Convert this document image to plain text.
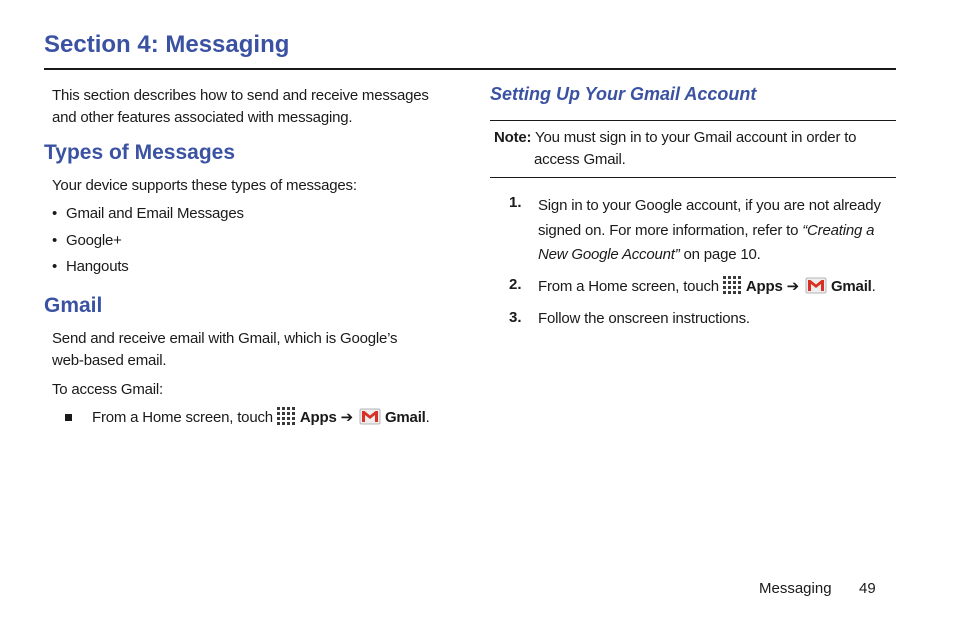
Section 4: Messaging
This section describes how to send and receive messages
and other features associated with messaging.
Types of Messages
Your device supports these types of messages:
• Gmail and Email Messages
• Google+
• Hangouts
Gmail
Send and receive email with Gmail, which is Google’s
web-based email.
To access Gmail:
From a Home screen, touch Apps ➔ Gmail.
Setting Up Your Gmail Account
Note: You must sign in to your Gmail account in order to
access Gmail.
1. Sign in to your Google account, if you are not already
signed on. For more information, refer to “Creating a
New Google Account” on page 10.
2. From a Home screen, touch Apps ➔ Gmail.
3. Follow the onscreen instructions.
Messaging 49
